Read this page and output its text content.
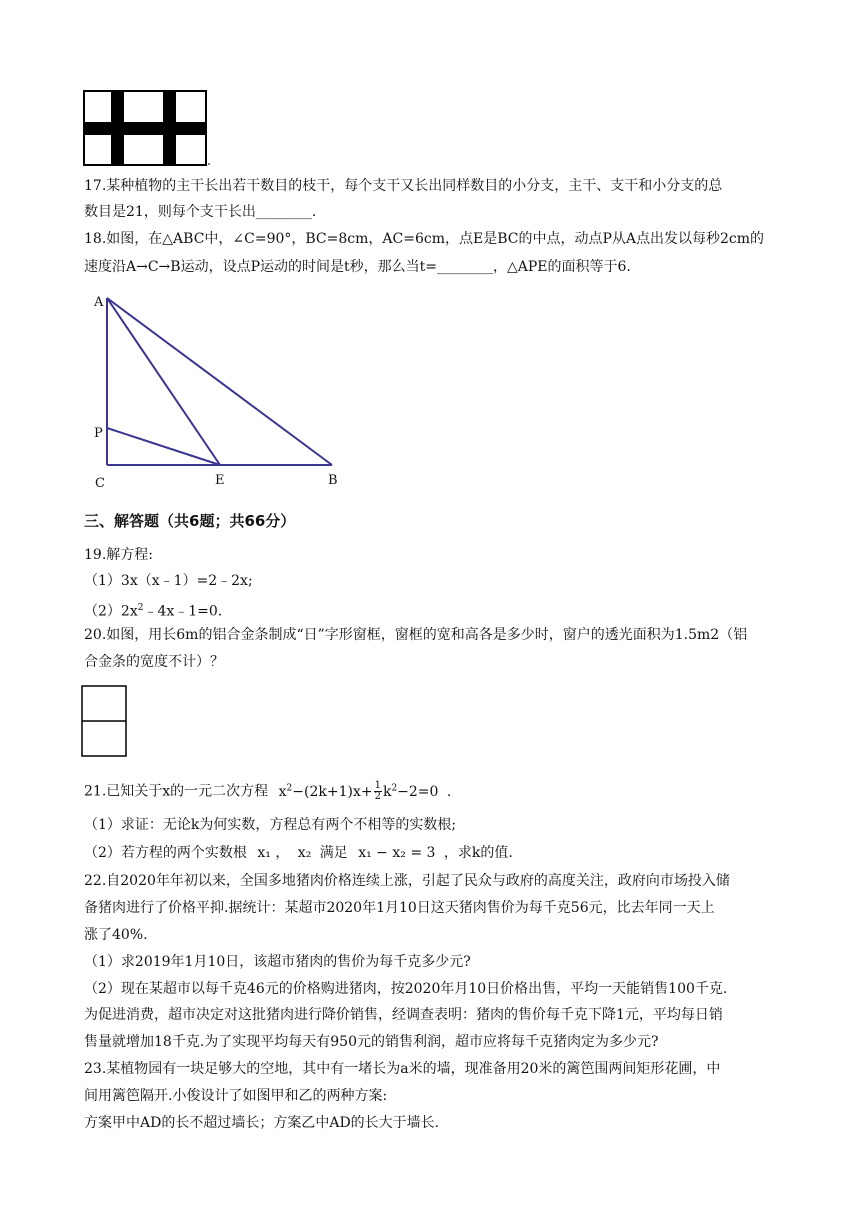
17.某种植物的主干长出若干数目的枝干，每个支干又长出同样数目的小分支，主干、支干和小分支的总
数目是21，则每个支干长出________.
18.如图，在△ABC中，∠C=90°，BC=8cm，AC=6cm，点E是BC的中点，动点P从A点出发以每秒2cm的
速度沿A→C→B运动，设点P运动的时间是t秒，那么当t=________，△APE的面积等于6.
A
P
C	E	B
三、解答题（共6题；共66分）
19.解方程:
（1）3x（x﹣1）=2﹣2x;
$(2)2x^2﹣4x﹣1=0$.
20.如图，用长6m的铝合金条制成“日”字形窗框，窗框的宽和高各是多少时，窗户的透光面积为1.5m2（铝
合金条的宽度不计）？
21.已知关于x的一元二次方程 $x^2-(2k+1)x+ \frac{1}{2} k^2-2=0$ .
（1）求证：无论k为何实数，方程总有两个不相等的实数根;
（2）若方程的两个实数根 x₁ ， x₂ 满足 x₁ − x₂ = 3 ，求k的值.
22.自2020年年初以来，全国多地猪肉价格连续上涨，引起了民众与政府的高度关注，政府向市场投入储
备猪肉进行了价格平抑.据统计：某超市2020年1月10日这天猪肉售价为每千克56元，比去年同一天上
涨了40%.
（1）求2019年1月10日，该超市猪肉的售价为每千克多少元?
（2）现在某超市以每千克46元的价格购进猪肉，按2020年月10日价格出售，平均一天能销售100千克.
为促进消费，超市决定对这批猪肉进行降价销售，经调查表明：猪肉的售价每千克下降1元，平均每日销
售量就增加18千克.为了实现平均每天有950元的销售利润，超市应将每千克猪肉定为多少元?
23.某植物园有一块足够大的空地，其中有一堵长为a米的墙，现准备用20米的篱笆围两间矩形花圃，中
间用篱笆隔开.小俊设计了如图甲和乙的两种方案:
方案甲中AD的长不超过墙长；方案乙中AD的长大于墙长.
